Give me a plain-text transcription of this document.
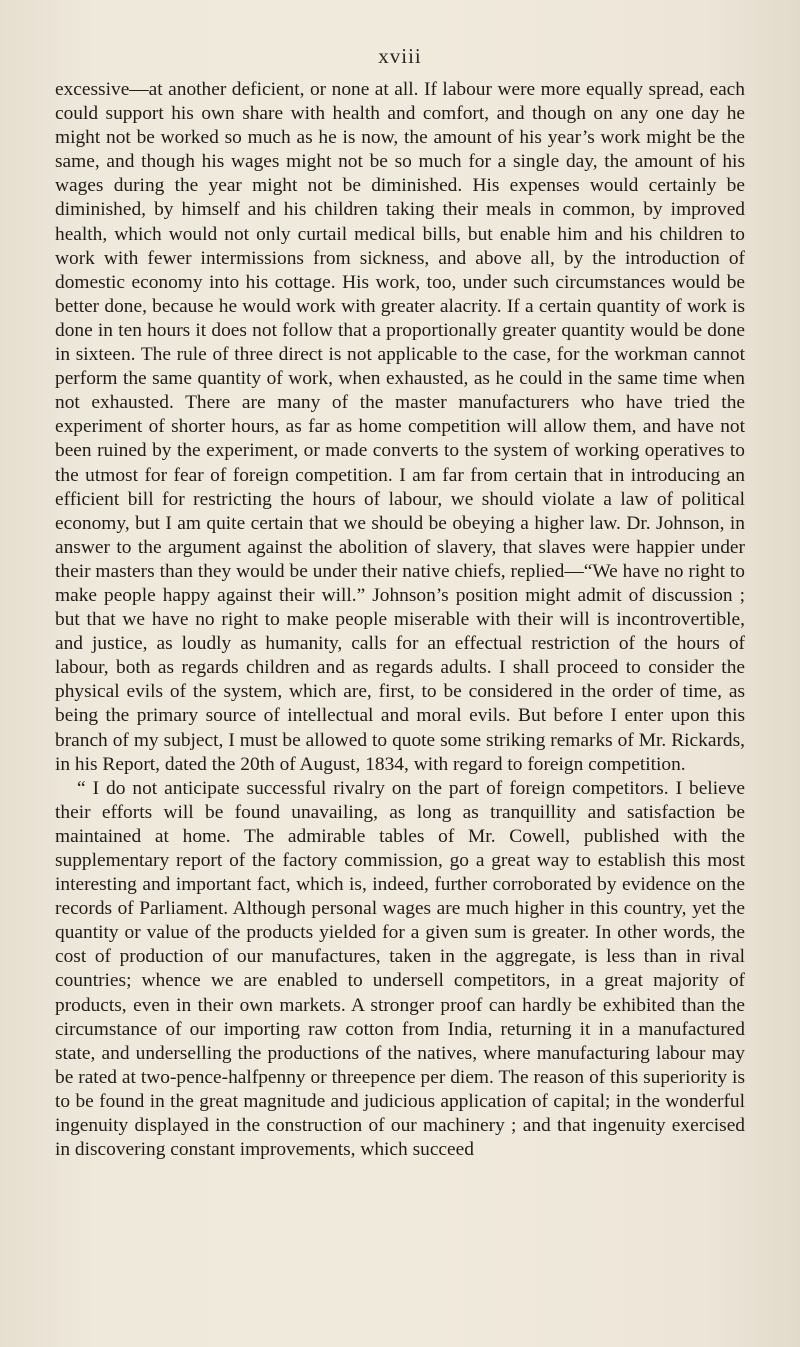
xviii

excessive—at another deficient, or none at all. If labour were more equally spread, each could support his own share with health and comfort, and though on any one day he might not be worked so much as he is now, the amount of his year’s work might be the same, and though his wages might not be so much for a single day, the amount of his wages during the year might not be diminished. His expenses would certainly be diminished, by himself and his children taking their meals in common, by improved health, which would not only curtail medical bills, but enable him and his children to work with fewer intermissions from sickness, and above all, by the introduction of domestic economy into his cottage. His work, too, under such circumstances would be better done, because he would work with greater alacrity. If a certain quantity of work is done in ten hours it does not follow that a proportionally greater quantity would be done in sixteen. The rule of three direct is not applicable to the case, for the workman cannot perform the same quantity of work, when exhausted, as he could in the same time when not exhausted. There are many of the master manufacturers who have tried the experiment of shorter hours, as far as home competition will allow them, and have not been ruined by the experiment, or made converts to the system of working operatives to the utmost for fear of foreign competition. I am far from certain that in introducing an efficient bill for restricting the hours of labour, we should violate a law of political economy, but I am quite certain that we should be obeying a higher law. Dr. Johnson, in answer to the argument against the abolition of slavery, that slaves were happier under their masters than they would be under their native chiefs, replied—“We have no right to make people happy against their will.” Johnson’s position might admit of discussion ; but that we have no right to make people miserable with their will is incontrovertible, and justice, as loudly as humanity, calls for an effectual restriction of the hours of labour, both as regards children and as regards adults. I shall proceed to consider the physical evils of the system, which are, first, to be considered in the order of time, as being the primary source of intellectual and moral evils. But before I enter upon this branch of my subject, I must be allowed to quote some striking remarks of Mr. Rickards, in his Report, dated the 20th of August, 1834, with regard to foreign competition.

“ I do not anticipate successful rivalry on the part of foreign competitors. I believe their efforts will be found unavailing, as long as tranquillity and satisfaction be maintained at home. The admirable tables of Mr. Cowell, published with the supplementary report of the factory commission, go a great way to establish this most interesting and important fact, which is, indeed, further corroborated by evidence on the records of Parliament. Although personal wages are much higher in this country, yet the quantity or value of the products yielded for a given sum is greater. In other words, the cost of production of our manufactures, taken in the aggregate, is less than in rival countries; whence we are enabled to undersell competitors, in a great majority of products, even in their own markets. A stronger proof can hardly be exhibited than the circumstance of our importing raw cotton from India, returning it in a manufactured state, and underselling the productions of the natives, where manufacturing labour may be rated at two-pence-halfpenny or threepence per diem. The reason of this superiority is to be found in the great magnitude and judicious application of capital; in the wonderful ingenuity displayed in the construction of our machinery ; and that ingenuity exercised in discovering constant improvements, which succeed
